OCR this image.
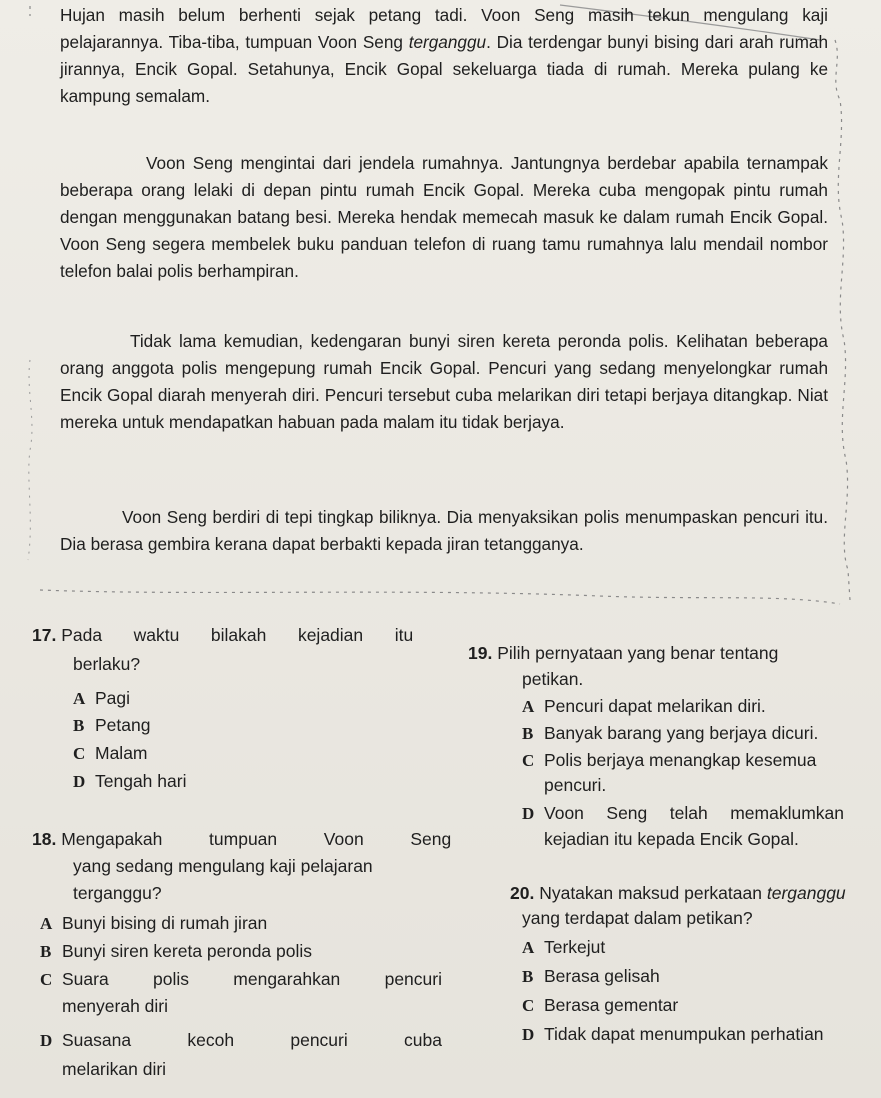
Hujan masih belum berhenti sejak petang tadi. Voon Seng masih tekun mengulang kaji pelajarannya. Tiba-tiba, tumpuan Voon Seng terganggu. Dia terdengar bunyi bising dari arah rumah jirannya, Encik Gopal. Setahunya, Encik Gopal sekeluarga tiada di rumah. Mereka pulang ke kampung semalam.

Voon Seng mengintai dari jendela rumahnya. Jantungnya berdebar apabila ternampak beberapa orang lelaki di depan pintu rumah Encik Gopal. Mereka cuba mengopak pintu rumah dengan menggunakan batang besi. Mereka hendak memecah masuk ke dalam rumah Encik Gopal. Voon Seng segera membelek buku panduan telefon di ruang tamu rumahnya lalu mendail nombor telefon balai polis berhampiran.

Tidak lama kemudian, kedengaran bunyi siren kereta peronda polis. Kelihatan beberapa orang anggota polis mengepung rumah Encik Gopal. Pencuri yang sedang menyelongkar rumah Encik Gopal diarah menyerah diri. Pencuri tersebut cuba melarikan diri tetapi berjaya ditangkap. Niat mereka untuk mendapatkan habuan pada malam itu tidak berjaya.

Voon Seng berdiri di tepi tingkap biliknya. Dia menyaksikan polis menumpaskan pencuri itu. Dia berasa gembira kerana dapat berbakti kepada jiran tetangganya.

17. Pada waktu bilakah kejadian itu
berlaku?
A Pagi
B Petang
C Malam
D Tengah hari
18. Mengapakah tumpuan Voon Seng
yang sedang mengulang kaji pelajaran
terganggu?
A Bunyi bising di rumah jiran
B Bunyi siren kereta peronda polis
C Suara polis mengarahkan pencuri
menyerah diri
D Suasana kecoh pencuri cuba
melarikan diri
19. Pilih pernyataan yang benar tentang
petikan.
A Pencuri dapat melarikan diri.
B Banyak barang yang berjaya dicuri.
C Polis berjaya menangkap kesemua
pencuri.
D Voon Seng telah memaklumkan
kejadian itu kepada Encik Gopal.
20. Nyatakan maksud perkataan terganggu
yang terdapat dalam petikan?
A Terkejut
B Berasa gelisah
C Berasa gementar
D Tidak dapat menumpukan perhatian
